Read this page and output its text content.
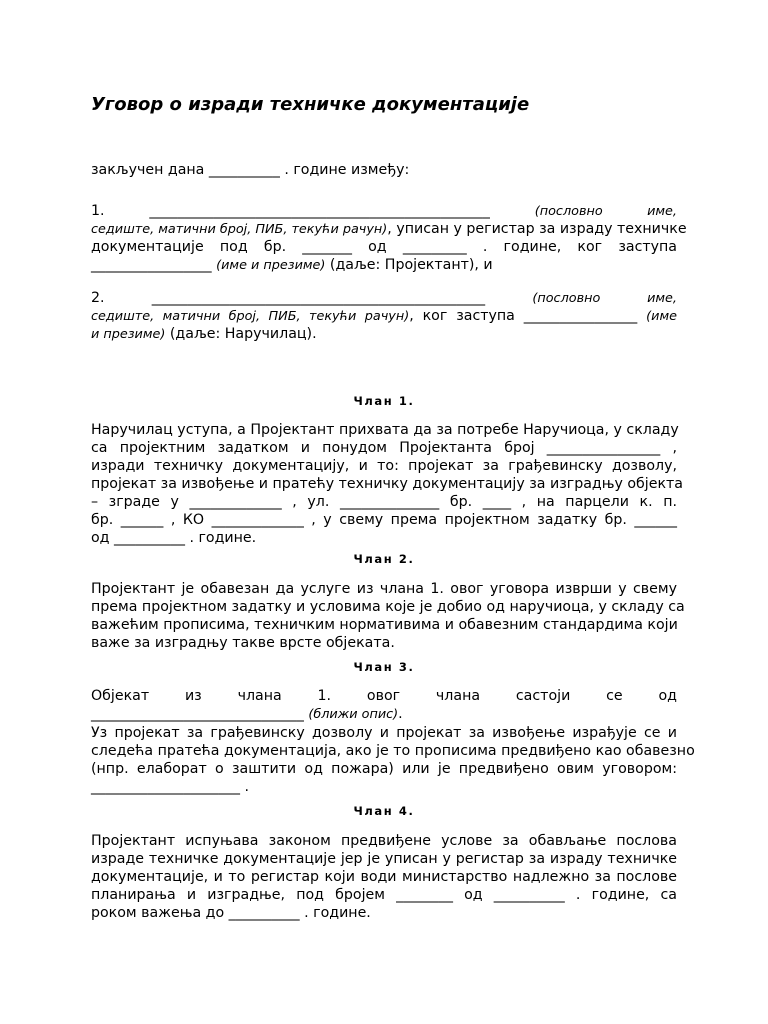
Уговор о изради техничке документације

закључен дана __________ . године између:

1. ________________________________________________ (пословно име,
седиште, матични број, ПИБ, текући рачун), уписан у регистар за израду техничке
документације под бр. _______ од _________ . године, ког заступа
_________________ (име и презиме) (даље: Пројектант), и

2. _______________________________________________ (пословно име,
седиште, матични број, ПИБ, текући рачун), ког заступа ________________ (име
и презиме) (даље: Наручилац).

Члан 1.

Наручилац уступа, а Пројектант прихвата да за потребе Наручиоца, у складу
са пројектним задатком и понудом Пројектанта број ________________ ,
изради техничку документацију, и то: пројекат за грађевинску дозволу,
пројекат за извођење и пратећу техничку документацију за изградњу објекта
– зграде у _____________ , ул. ______________ бр. ____ , на парцели к. п.
бр. ______ , КО _____________ , у свему према пројектном задатку бр. ______
од __________ . године.

Члан 2.

Пројектант је обавезан да услуге из члана 1. овог уговора изврши у свему
према пројектном задатку и условима које је добио од наручиоца, у складу са
важећим прописима, техничким нормативима и обавезним стандардима који
важе за изградњу такве врсте објеката.

Члан 3.

Објекат из члана 1. овог члана састоји се од
______________________________ (ближи опис).

Уз пројекат за грађевинску дозволу и пројекат за извођење израђује се и
следећа пратећа документација, ако је то прописима предвиђено као обавезно
(нпр. елаборат о заштити од пожара) или је предвиђено овим уговором:
_____________________ .

Члан 4.

Пројектант испуњава законом предвиђене услове за обављање послова
израде техничке документације јер је уписан у регистар за израду техничке
документације, и то регистар који води министарство надлежно за послове
планирања и изградње, под бројем ________ од __________ . године, са
роком важења до __________ . године.
